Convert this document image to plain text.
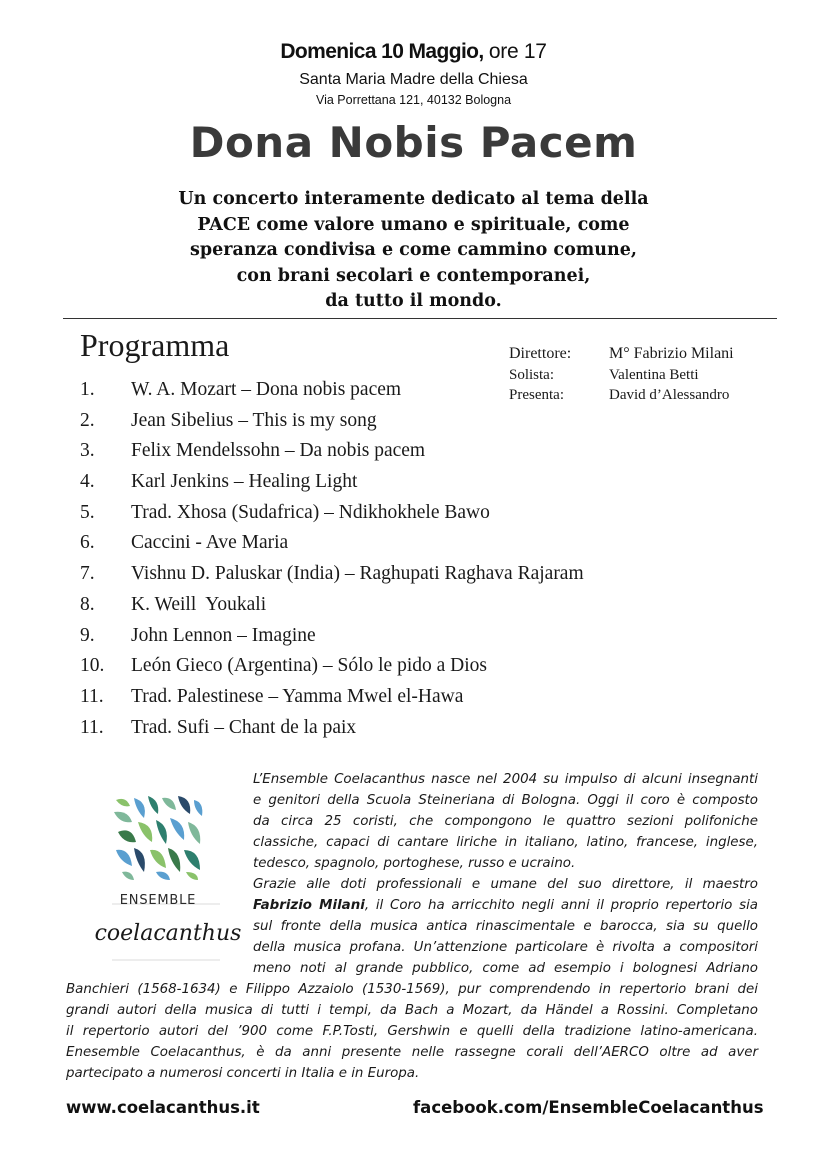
Domenica 10 Maggio, ore 17
Santa Maria Madre della Chiesa
Via Porrettana 121, 40132 Bologna
Dona Nobis Pacem
Un concerto interamente dedicato al tema della
PACE come valore umano e spirituale, come
speranza condivisa e come cammino comune,
con brani secolari e contemporanei,
da tutto il mondo.
Programma
1. W. A. Mozart – Dona nobis pacem
2. Jean Sibelius – This is my song
3. Felix Mendelssohn – Da nobis pacem
4. Karl Jenkins – Healing Light
5. Trad. Xhosa (Sudafrica) – Ndikhokhele Bawo
6. Caccini - Ave Maria
7. Vishnu D. Paluskar (India) – Raghupati Raghava Rajaram
8. K. Weill  Youkali
9. John Lennon – Imagine
10. León Gieco (Argentina) – Sólo le pido a Dios
11. Trad. Palestinese – Yamma Mwel el-Hawa
11. Trad. Sufi – Chant de la paix
Direttore: M° Fabrizio Milani
Solista:	Valentina Betti
Presenta:	David d’Alessandro
coelacanthus
ENSEMBLE
L’Ensemble Coelacanthus nasce nel 2004 su impulso di alcuni insegnanti
e genitori della Scuola Steineriana di Bologna. Oggi il coro è composto
da circa 25 coristi, che compongono le quattro sezioni polifoniche
classiche, capaci di cantare liriche in italiano, latino, francese, inglese,
tedesco, spagnolo, portoghese, russo e ucraino.
Grazie alle doti professionali e umane del suo direttore, il maestro
Fabrizio Milani, il Coro ha arricchito negli anni il proprio repertorio sia
sul fronte della musica antica rinascimentale e barocca, sia su quello
della musica profana. Un’attenzione particolare è rivolta a compositori
meno noti al grande pubblico, come ad esempio i bolognesi Adriano
Banchieri (1568-1634) e Filippo Azzaiolo (1530-1569), pur comprendendo in repertorio brani dei
grandi autori della musica di tutti i tempi, da Bach a Mozart, da Händel a Rossini. Completano
il repertorio autori del ’900 come F.P.Tosti, Gershwin e quelli della tradizione latino-americana.
Enesemble Coelacanthus, è da anni presente nelle rassegne corali dell’AERCO oltre ad aver
partecipato a numerosi concerti in Italia e in Europa.
www.coelacanthus.it	facebook.com/EnsembleCoelacanthus
